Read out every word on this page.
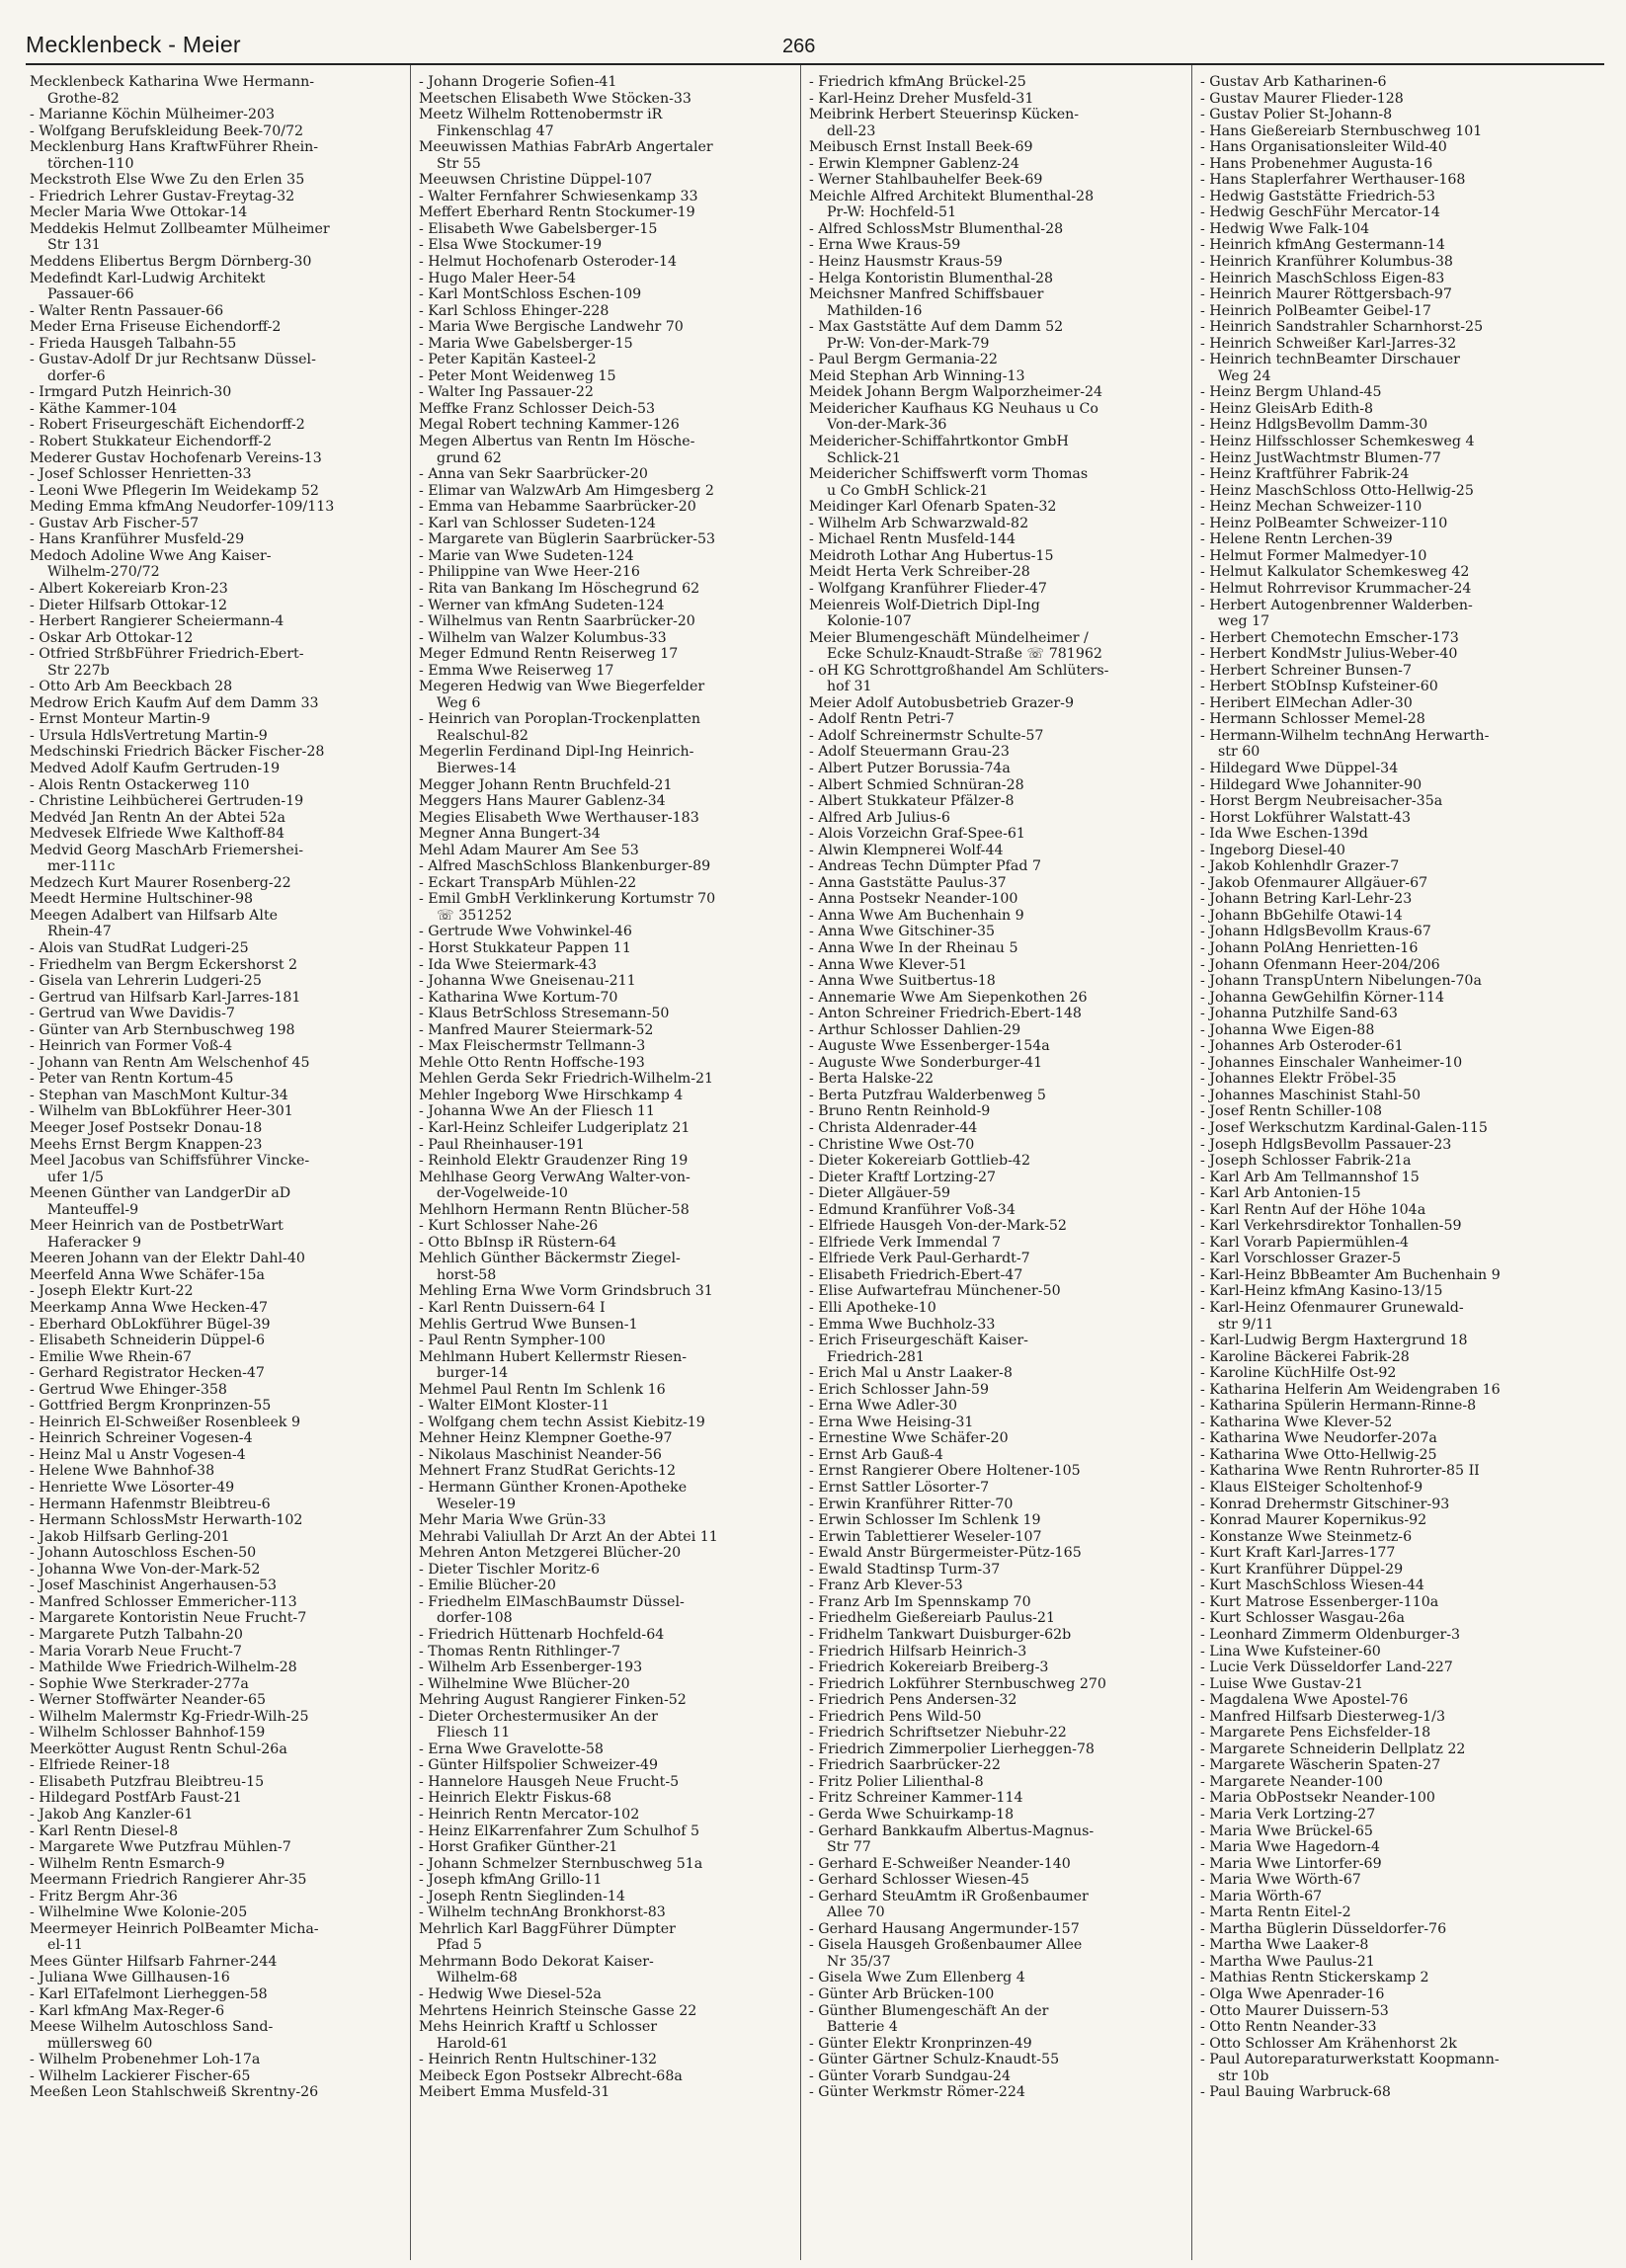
Mecklenbeck - Meier	266
Mecklenbeck Katharina Wwe Hermann-
Grothe-82
- Marianne Köchin Mülheimer-203
- Wolfgang Berufskleidung Beek-70/72
Mecklenburg Hans KraftwFührer Rhein-
törchen-110
Meckstroth Else Wwe Zu den Erlen 35
- Friedrich Lehrer Gustav-Freytag-32
Mecler Maria Wwe Ottokar-14
Meddekis Helmut Zollbeamter Mülheimer
Str 131
Meddens Elibertus Bergm Dörnberg-30
Medefindt Karl-Ludwig Architekt
Passauer-66
- Walter Rentn Passauer-66
Meder Erna Friseuse Eichendorff-2
- Frieda Hausgeh Talbahn-55
- Gustav-Adolf Dr jur Rechtsanw Düssel-
dorfer-6
- Irmgard Putzh Heinrich-30
- Käthe Kammer-104
- Robert Friseurgeschäft Eichendorff-2
- Robert Stukkateur Eichendorff-2
Mederer Gustav Hochofenarb Vereins-13
- Josef Schlosser Henrietten-33
- Leoni Wwe Pflegerin Im Weidekamp 52
Meding Emma kfmAng Neudorfer-109/113
- Gustav Arb Fischer-57
- Hans Kranführer Musfeld-29
Medoch Adoline Wwe Ang Kaiser-
Wilhelm-270/72
- Albert Kokereiarb Kron-23
- Dieter Hilfsarb Ottokar-12
- Herbert Rangierer Scheiermann-4
- Oskar Arb Ottokar-12
- Otfried StrßbFührer Friedrich-Ebert-
Str 227b
- Otto Arb Am Beeckbach 28
Medrow Erich Kaufm Auf dem Damm 33
- Ernst Monteur Martin-9
- Ursula HdlsVertretung Martin-9
Medschinski Friedrich Bäcker Fischer-28
Medved Adolf Kaufm Gertruden-19
- Alois Rentn Ostackerweg 110
- Christine Leihbücherei Gertruden-19
Medvéd Jan Rentn An der Abtei 52a
Medvesek Elfriede Wwe Kalthoff-84
Medvid Georg MaschArb Friemershei-
mer-111c
Medzech Kurt Maurer Rosenberg-22
Meedt Hermine Hultschiner-98
Meegen Adalbert van Hilfsarb Alte
Rhein-47
- Alois van StudRat Ludgeri-25
- Friedhelm van Bergm Eckershorst 2
- Gisela van Lehrerin Ludgeri-25
- Gertrud van Hilfsarb Karl-Jarres-181
- Gertrud van Wwe Davidis-7
- Günter van Arb Sternbuschweg 198
- Heinrich van Former Voß-4
- Johann van Rentn Am Welschenhof 45
- Peter van Rentn Kortum-45
- Stephan van MaschMont Kultur-34
- Wilhelm van BbLokführer Heer-301
Meeger Josef Postsekr Donau-18
Meehs Ernst Bergm Knappen-23
Meel Jacobus van Schiffsführer Vincke-
ufer 1/5
Meenen Günther van LandgerDir aD
Manteuffel-9
Meer Heinrich van de PostbetrWart
Haferacker 9
Meeren Johann van der Elektr Dahl-40
Meerfeld Anna Wwe Schäfer-15a
- Joseph Elektr Kurt-22
Meerkamp Anna Wwe Hecken-47
- Eberhard ObLokführer Bügel-39
- Elisabeth Schneiderin Düppel-6
- Emilie Wwe Rhein-67
- Gerhard Registrator Hecken-47
- Gertrud Wwe Ehinger-358
- Gottfried Bergm Kronprinzen-55
- Heinrich El-Schweißer Rosenbleek 9
- Heinrich Schreiner Vogesen-4
- Heinz Mal u Anstr Vogesen-4
- Helene Wwe Bahnhof-38
- Henriette Wwe Lösorter-49
- Hermann Hafenmstr Bleibtreu-6
- Hermann SchlossMstr Herwarth-102
- Jakob Hilfsarb Gerling-201
- Johann Autoschloss Eschen-50
- Johanna Wwe Von-der-Mark-52
- Josef Maschinist Angerhausen-53
- Manfred Schlosser Emmericher-113
- Margarete Kontoristin Neue Frucht-7
- Margarete Putzh Talbahn-20
- Maria Vorarb Neue Frucht-7
- Mathilde Wwe Friedrich-Wilhelm-28
- Sophie Wwe Sterkrader-277a
- Werner Stoffwärter Neander-65
- Wilhelm Malermstr Kg-Friedr-Wilh-25
- Wilhelm Schlosser Bahnhof-159
Meerkötter August Rentn Schul-26a
- Elfriede Reiner-18
- Elisabeth Putzfrau Bleibtreu-15
- Hildegard PostfArb Faust-21
- Jakob Ang Kanzler-61
- Karl Rentn Diesel-8
- Margarete Wwe Putzfrau Mühlen-7
- Wilhelm Rentn Esmarch-9
Meermann Friedrich Rangierer Ahr-35
- Fritz Bergm Ahr-36
- Wilhelmine Wwe Kolonie-205
Meermeyer Heinrich PolBeamter Micha-
el-11
Mees Günter Hilfsarb Fahrner-244
- Juliana Wwe Gillhausen-16
- Karl ElTafelmont Lierheggen-58
- Karl kfmAng Max-Reger-6
Meese Wilhelm Autoschloss Sand-
müllersweg 60
- Wilhelm Probenehmer Loh-17a
- Wilhelm Lackierer Fischer-65
Meeßen Leon Stahlschweiß Skrentny-26
- Johann Drogerie Sofien-41
Meetschen Elisabeth Wwe Stöcken-33
Meetz Wilhelm Rottenobermstr iR
Finkenschlag 47
Meeuwissen Mathias FabrArb Angertaler
Str 55
Meeuwsen Christine Düppel-107
- Walter Fernfahrer Schwiesenkamp 33
Meffert Eberhard Rentn Stockumer-19
- Elisabeth Wwe Gabelsberger-15
- Elsa Wwe Stockumer-19
- Helmut Hochofenarb Osteroder-14
- Hugo Maler Heer-54
- Karl MontSchloss Eschen-109
- Karl Schloss Ehinger-228
- Maria Wwe Bergische Landwehr 70
- Maria Wwe Gabelsberger-15
- Peter Kapitän Kasteel-2
- Peter Mont Weidenweg 15
- Walter Ing Passauer-22
Meffke Franz Schlosser Deich-53
Megal Robert techning Kammer-126
Megen Albertus van Rentn Im Hösche-
grund 62
- Anna van Sekr Saarbrücker-20
- Elimar van WalzwArb Am Himgesberg 2
- Emma van Hebamme Saarbrücker-20
- Karl van Schlosser Sudeten-124
- Margarete van Büglerin Saarbrücker-53
- Marie van Wwe Sudeten-124
- Philippine van Wwe Heer-216
- Rita van Bankang Im Höschegrund 62
- Werner van kfmAng Sudeten-124
- Wilhelmus van Rentn Saarbrücker-20
- Wilhelm van Walzer Kolumbus-33
Meger Edmund Rentn Reiserweg 17
- Emma Wwe Reiserweg 17
Megeren Hedwig van Wwe Biegerfelder
Weg 6
- Heinrich van Poroplan-Trockenplatten
Realschul-82
Megerlin Ferdinand Dipl-Ing Heinrich-
Bierwes-14
Megger Johann Rentn Bruchfeld-21
Meggers Hans Maurer Gablenz-34
Megies Elisabeth Wwe Werthauser-183
Megner Anna Bungert-34
Mehl Adam Maurer Am See 53
- Alfred MaschSchloss Blankenburger-89
- Eckart TranspArb Mühlen-22
- Emil GmbH Verklinkerung Kortumstr 70
☏ 351252
- Gertrude Wwe Vohwinkel-46
- Horst Stukkateur Pappen 11
- Ida Wwe Steiermark-43
- Johanna Wwe Gneisenau-211
- Katharina Wwe Kortum-70
- Klaus BetrSchloss Stresemann-50
- Manfred Maurer Steiermark-52
- Max Fleischermstr Tellmann-3
Mehle Otto Rentn Hoffsche-193
Mehlen Gerda Sekr Friedrich-Wilhelm-21
Mehler Ingeborg Wwe Hirschkamp 4
- Johanna Wwe An der Fliesch 11
- Karl-Heinz Schleifer Ludgeriplatz 21
- Paul Rheinhauser-191
- Reinhold Elektr Graudenzer Ring 19
Mehlhase Georg VerwAng Walter-von-
der-Vogelweide-10
Mehlhorn Hermann Rentn Blücher-58
- Kurt Schlosser Nahe-26
- Otto BbInsp iR Rüstern-64
Mehlich Günther Bäckermstr Ziegel-
horst-58
Mehling Erna Wwe Vorm Grindsbruch 31
- Karl Rentn Duissern-64 I
Mehlis Gertrud Wwe Bunsen-1
- Paul Rentn Sympher-100
Mehlmann Hubert Kellermstr Riesen-
burger-14
Mehmel Paul Rentn Im Schlenk 16
- Walter ElMont Kloster-11
- Wolfgang chem techn Assist Kiebitz-19
Mehner Heinz Klempner Goethe-97
- Nikolaus Maschinist Neander-56
Mehnert Franz StudRat Gerichts-12
- Hermann Günther Kronen-Apotheke
Weseler-19
Mehr Maria Wwe Grün-33
Mehrabi Valiullah Dr Arzt An der Abtei 11
Mehren Anton Metzgerei Blücher-20
- Dieter Tischler Moritz-6
- Emilie Blücher-20
- Friedhelm ElMaschBaumstr Düssel-
dorfer-108
- Friedrich Hüttenarb Hochfeld-64
- Thomas Rentn Rithlinger-7
- Wilhelm Arb Essenberger-193
- Wilhelmine Wwe Blücher-20
Mehring August Rangierer Finken-52
- Dieter Orchestermusiker An der
Fliesch 11
- Erna Wwe Gravelotte-58
- Günter Hilfspolier Schweizer-49
- Hannelore Hausgeh Neue Frucht-5
- Heinrich Elektr Fiskus-68
- Heinrich Rentn Mercator-102
- Heinz ElKarrenfahrer Zum Schulhof 5
- Horst Grafiker Günther-21
- Johann Schmelzer Sternbuschweg 51a
- Joseph kfmAng Grillo-11
- Joseph Rentn Sieglinden-14
- Wilhelm technAng Bronkhorst-83
Mehrlich Karl BaggFührer Dümpter
Pfad 5
Mehrmann Bodo Dekorat Kaiser-
Wilhelm-68
- Hedwig Wwe Diesel-52a
Mehrtens Heinrich Steinsche Gasse 22
Mehs Heinrich Kraftf u Schlosser
Harold-61
- Heinrich Rentn Hultschiner-132
Meibeck Egon Postsekr Albrecht-68a
Meibert Emma Musfeld-31
- Friedrich kfmAng Brückel-25
- Karl-Heinz Dreher Musfeld-31
Meibrink Herbert Steuerinsp Kücken-
dell-23
Meibusch Ernst Install Beek-69
- Erwin Klempner Gablenz-24
- Werner Stahlbauhelfer Beek-69
Meichle Alfred Architekt Blumenthal-28
Pr-W: Hochfeld-51
- Alfred SchlossMstr Blumenthal-28
- Erna Wwe Kraus-59
- Heinz Hausmstr Kraus-59
- Helga Kontoristin Blumenthal-28
Meichsner Manfred Schiffsbauer
Mathilden-16
- Max Gaststätte Auf dem Damm 52
Pr-W: Von-der-Mark-79
- Paul Bergm Germania-22
Meid Stephan Arb Winning-13
Meidek Johann Bergm Walporzheimer-24
Meidericher Kaufhaus KG Neuhaus u Co
Von-der-Mark-36
Meidericher-Schiffahrtkontor GmbH
Schlick-21
Meidericher Schiffswerft vorm Thomas
u Co GmbH Schlick-21
Meidinger Karl Ofenarb Spaten-32
- Wilhelm Arb Schwarzwald-82
- Michael Rentn Musfeld-144
Meidroth Lothar Ang Hubertus-15
Meidt Herta Verk Schreiber-28
- Wolfgang Kranführer Flieder-47
Meienreis Wolf-Dietrich Dipl-Ing
Kolonie-107
Meier Blumengeschäft Mündelheimer /
Ecke Schulz-Knaudt-Straße ☏ 781962
- oH KG Schrottgroßhandel Am Schlüters-
hof 31
Meier Adolf Autobusbetrieb Grazer-9
- Adolf Rentn Petri-7
- Adolf Schreinermstr Schulte-57
- Adolf Steuermann Grau-23
- Albert Putzer Borussia-74a
- Albert Schmied Schnüran-28
- Albert Stukkateur Pfälzer-8
- Alfred Arb Julius-6
- Alois Vorzeichn Graf-Spee-61
- Alwin Klempnerei Wolf-44
- Andreas Techn Dümpter Pfad 7
- Anna Gaststätte Paulus-37
- Anna Postsekr Neander-100
- Anna Wwe Am Buchenhain 9
- Anna Wwe Gitschiner-35
- Anna Wwe In der Rheinau 5
- Anna Wwe Klever-51
- Anna Wwe Suitbertus-18
- Annemarie Wwe Am Siepenkothen 26
- Anton Schreiner Friedrich-Ebert-148
- Arthur Schlosser Dahlien-29
- Auguste Wwe Essenberger-154a
- Auguste Wwe Sonderburger-41
- Berta Halske-22
- Berta Putzfrau Walderbenweg 5
- Bruno Rentn Reinhold-9
- Christa Aldenrader-44
- Christine Wwe Ost-70
- Dieter Kokereiarb Gottlieb-42
- Dieter Kraftf Lortzing-27
- Dieter Allgäuer-59
- Edmund Kranführer Voß-34
- Elfriede Hausgeh Von-der-Mark-52
- Elfriede Verk Immendal 7
- Elfriede Verk Paul-Gerhardt-7
- Elisabeth Friedrich-Ebert-47
- Elise Aufwartefrau Münchener-50
- Elli Apotheke-10
- Emma Wwe Buchholz-33
- Erich Friseurgeschäft Kaiser-
Friedrich-281
- Erich Mal u Anstr Laaker-8
- Erich Schlosser Jahn-59
- Erna Wwe Adler-30
- Erna Wwe Heising-31
- Ernestine Wwe Schäfer-20
- Ernst Arb Gauß-4
- Ernst Rangierer Obere Holtener-105
- Ernst Sattler Lösorter-7
- Erwin Kranführer Ritter-70
- Erwin Schlosser Im Schlenk 19
- Erwin Tablettierer Weseler-107
- Ewald Anstr Bürgermeister-Pütz-165
- Ewald Stadtinsp Turm-37
- Franz Arb Klever-53
- Franz Arb Im Spennskamp 70
- Friedhelm Gießereiarb Paulus-21
- Fridhelm Tankwart Duisburger-62b
- Friedrich Hilfsarb Heinrich-3
- Friedrich Kokereiarb Breiberg-3
- Friedrich Lokführer Sternbuschweg 270
- Friedrich Pens Andersen-32
- Friedrich Pens Wild-50
- Friedrich Schriftsetzer Niebuhr-22
- Friedrich Zimmerpolier Lierheggen-78
- Friedrich Saarbrücker-22
- Fritz Polier Lilienthal-8
- Fritz Schreiner Kammer-114
- Gerda Wwe Schuirkamp-18
- Gerhard Bankkaufm Albertus-Magnus-
Str 77
- Gerhard E-Schweißer Neander-140
- Gerhard Schlosser Wiesen-45
- Gerhard SteuAmtm iR Großenbaumer
Allee 70
- Gerhard Hausang Angermunder-157
- Gisela Hausgeh Großenbaumer Allee
Nr 35/37
- Gisela Wwe Zum Ellenberg 4
- Günter Arb Brücken-100
- Günther Blumengeschäft An der
Batterie 4
- Günter Elektr Kronprinzen-49
- Günter Gärtner Schulz-Knaudt-55
- Günter Vorarb Sundgau-24
- Günter Werkmstr Römer-224
- Gustav Arb Katharinen-6
- Gustav Maurer Flieder-128
- Gustav Polier St-Johann-8
- Hans Gießereiarb Sternbuschweg 101
- Hans Organisationsleiter Wild-40
- Hans Probenehmer Augusta-16
- Hans Staplerfahrer Werthauser-168
- Hedwig Gaststätte Friedrich-53
- Hedwig GeschFühr Mercator-14
- Hedwig Wwe Falk-104
- Heinrich kfmAng Gestermann-14
- Heinrich Kranführer Kolumbus-38
- Heinrich MaschSchloss Eigen-83
- Heinrich Maurer Röttgersbach-97
- Heinrich PolBeamter Geibel-17
- Heinrich Sandstrahler Scharnhorst-25
- Heinrich Schweißer Karl-Jarres-32
- Heinrich technBeamter Dirschauer
Weg 24
- Heinz Bergm Uhland-45
- Heinz GleisArb Edith-8
- Heinz HdlgsBevollm Damm-30
- Heinz Hilfsschlosser Schemkesweg 4
- Heinz JustWachtmstr Blumen-77
- Heinz Kraftführer Fabrik-24
- Heinz MaschSchloss Otto-Hellwig-25
- Heinz Mechan Schweizer-110
- Heinz PolBeamter Schweizer-110
- Helene Rentn Lerchen-39
- Helmut Former Malmedyer-10
- Helmut Kalkulator Schemkesweg 42
- Helmut Rohrrevisor Krummacher-24
- Herbert Autogenbrenner Walderben-
weg 17
- Herbert Chemotechn Emscher-173
- Herbert KondMstr Julius-Weber-40
- Herbert Schreiner Bunsen-7
- Herbert StObInsp Kufsteiner-60
- Heribert ElMechan Adler-30
- Hermann Schlosser Memel-28
- Hermann-Wilhelm technAng Herwarth-
str 60
- Hildegard Wwe Düppel-34
- Hildegard Wwe Johanniter-90
- Horst Bergm Neubreisacher-35a
- Horst Lokführer Walstatt-43
- Ida Wwe Eschen-139d
- Ingeborg Diesel-40
- Jakob Kohlenhdlr Grazer-7
- Jakob Ofenmaurer Allgäuer-67
- Johann Betring Karl-Lehr-23
- Johann BbGehilfe Otawi-14
- Johann HdlgsBevollm Kraus-67
- Johann PolAng Henrietten-16
- Johann Ofenmann Heer-204/206
- Johann TranspUntern Nibelungen-70a
- Johanna GewGehilfin Körner-114
- Johanna Putzhilfe Sand-63
- Johanna Wwe Eigen-88
- Johannes Arb Osteroder-61
- Johannes Einschaler Wanheimer-10
- Johannes Elektr Fröbel-35
- Johannes Maschinist Stahl-50
- Josef Rentn Schiller-108
- Josef Werkschutzm Kardinal-Galen-115
- Joseph HdlgsBevollm Passauer-23
- Joseph Schlosser Fabrik-21a
- Karl Arb Am Tellmannshof 15
- Karl Arb Antonien-15
- Karl Rentn Auf der Höhe 104a
- Karl Verkehrsdirektor Tonhallen-59
- Karl Vorarb Papiermühlen-4
- Karl Vorschlosser Grazer-5
- Karl-Heinz BbBeamter Am Buchenhain 9
- Karl-Heinz kfmAng Kasino-13/15
- Karl-Heinz Ofenmaurer Grunewald-
str 9/11
- Karl-Ludwig Bergm Haxtergrund 18
- Karoline Bäckerei Fabrik-28
- Karoline KüchHilfe Ost-92
- Katharina Helferin Am Weidengraben 16
- Katharina Spülerin Hermann-Rinne-8
- Katharina Wwe Klever-52
- Katharina Wwe Neudorfer-207a
- Katharina Wwe Otto-Hellwig-25
- Katharina Wwe Rentn Ruhrorter-85 II
- Klaus ElSteiger Scholtenhof-9
- Konrad Drehermstr Gitschiner-93
- Konrad Maurer Kopernikus-92
- Konstanze Wwe Steinmetz-6
- Kurt Kraft Karl-Jarres-177
- Kurt Kranführer Düppel-29
- Kurt MaschSchloss Wiesen-44
- Kurt Matrose Essenberger-110a
- Kurt Schlosser Wasgau-26a
- Leonhard Zimmerm Oldenburger-3
- Lina Wwe Kufsteiner-60
- Lucie Verk Düsseldorfer Land-227
- Luise Wwe Gustav-21
- Magdalena Wwe Apostel-76
- Manfred Hilfsarb Diesterweg-1/3
- Margarete Pens Eichsfelder-18
- Margarete Schneiderin Dellplatz 22
- Margarete Wäscherin Spaten-27
- Margarete Neander-100
- Maria ObPostsekr Neander-100
- Maria Verk Lortzing-27
- Maria Wwe Brückel-65
- Maria Wwe Hagedorn-4
- Maria Wwe Lintorfer-69
- Maria Wwe Wörth-67
- Maria Wörth-67
- Marta Rentn Eitel-2
- Martha Büglerin Düsseldorfer-76
- Martha Wwe Laaker-8
- Martha Wwe Paulus-21
- Mathias Rentn Stickerskamp 2
- Olga Wwe Apenrader-16
- Otto Maurer Duissern-53
- Otto Rentn Neander-33
- Otto Schlosser Am Krähenhorst 2k
- Paul Autoreparaturwerkstatt Koopmann-
str 10b
- Paul Bauing Warbruck-68
